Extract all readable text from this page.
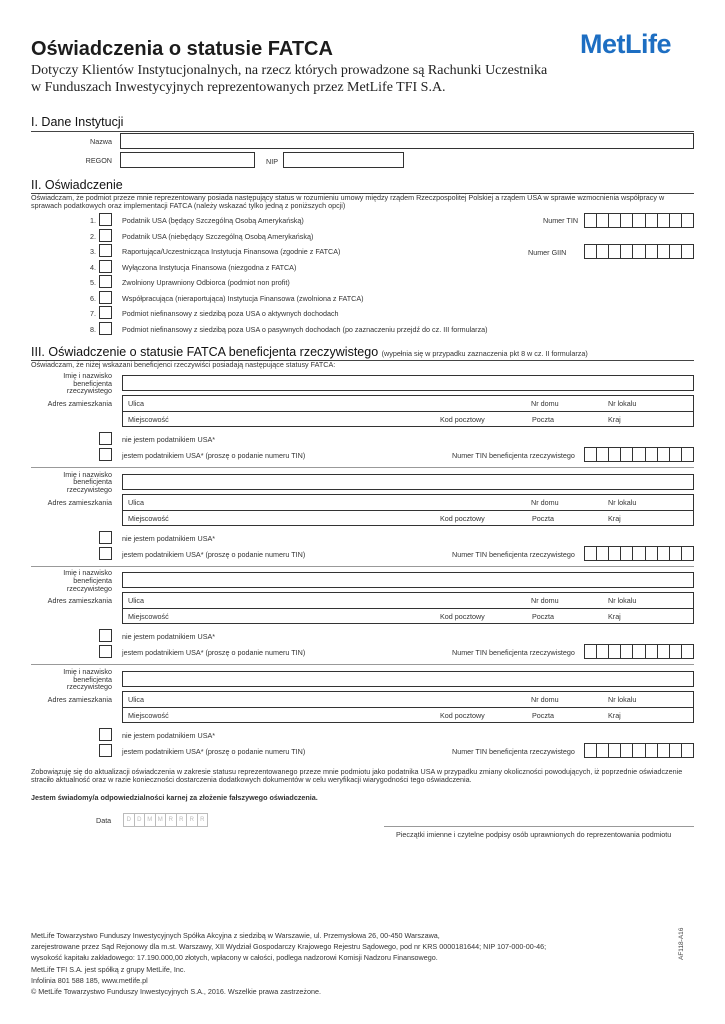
Oświadczenia o statusie FATCA
Dotyczy Klientów Instytucjonalnych, na rzecz których prowadzone są Rachunki Uczestnika
w Funduszach Inwestycyjnych reprezentowanych przez MetLife TFI S.A.
MetLife
I. Dane Instytucji
Nazwa
REGON	NIP
II. Oświadczenie
Oświadczam, że podmiot przeze mnie reprezentowany posiada następujący status w rozumieniu umowy między rządem Rzeczpospolitej Polskiej a rządem USA w sprawie wzmocnienia współpracy w sprawach podatkowych oraz implementacji FATCA (należy wskazać tylko jedną z poniższych opcji)
1.	Podatnik USA (będący Szczególną Osobą Amerykańską)
2.	Podatnik USA (niebędący Szczególną Osobą Amerykańską)
3.	Raportująca/Uczestnicząca Instytucja Finansowa (zgodnie z FATCA)
4.	Wyłączona Instytucja Finansowa (niezgodna z FATCA)
5.	Zwolniony Uprawniony Odbiorca (podmiot non profit)
6.	Współpracująca (nieraportująca) Instytucja Finansowa (zwolniona z FATCA)
7.	Podmiot niefinansowy z siedzibą poza USA o aktywnych dochodach
8.	Podmiot niefinansowy z siedzibą poza USA o pasywnych dochodach (po zaznaczeniu przejdź do cz. III formularza)
Numer TIN
Numer GIIN
III. Oświadczenie o statusie FATCA beneficjenta rzeczywistego (wypełnia się w przypadku zaznaczenia pkt 8 w cz. II formularza)
Oświadczam, że niżej wskazani beneficjenci rzeczywiści posiadają następujące statusy FATCA:
Imię i nazwisko beneficjenta rzeczywistego
Adres zamieszkania Ulica	Nr domu	Nr lokalu
Miejscowość	Kod pocztowy	Poczta	Kraj
nie jestem podatnikiem USA*
jestem podatnikiem USA* (proszę o podanie numeru TIN)	Numer TIN beneficjenta rzeczywistego
Imię i nazwisko beneficjenta rzeczywistego
Adres zamieszkania Ulica	Nr domu	Nr lokalu
Miejscowość	Kod pocztowy	Poczta	Kraj
nie jestem podatnikiem USA*
jestem podatnikiem USA* (proszę o podanie numeru TIN)	Numer TIN beneficjenta rzeczywistego
Imię i nazwisko beneficjenta rzeczywistego
Adres zamieszkania Ulica	Nr domu	Nr lokalu
Miejscowość	Kod pocztowy	Poczta	Kraj
nie jestem podatnikiem USA*
jestem podatnikiem USA* (proszę o podanie numeru TIN)	Numer TIN beneficjenta rzeczywistego
Imię i nazwisko beneficjenta rzeczywistego
Adres zamieszkania Ulica	Nr domu	Nr lokalu
Miejscowość	Kod pocztowy	Poczta	Kraj
nie jestem podatnikiem USA*
jestem podatnikiem USA* (proszę o podanie numeru TIN)	Numer TIN beneficjenta rzeczywistego
Zobowiązuję się do aktualizacji oświadczenia w zakresie statusu reprezentowanego przeze mnie podmiotu jako podatnika USA w przypadku zmiany okoliczności powodujących, iż poprzednie oświadczenie straciło aktualność oraz w razie konieczności dostarczenia dodatkowych dokumentów w celu weryfikacji wiarygodności tego oświadczenia.
Jestem świadomy/a odpowiedzialności karnej za złożenie fałszywego oświadczenia.
Data	D	D M M R	R	R	R
Pieczątki imienne i czytelne podpisy osób uprawnionych do reprezentowania podmiotu
MetLife Towarzystwo Funduszy Inwestycyjnych Spółka Akcyjna z siedzibą w Warszawie, ul. Przemysłowa 26, 00-450 Warszawa,
zarejestrowane przez Sąd Rejonowy dla m.st. Warszawy, XII Wydział Gospodarczy Krajowego Rejestru Sądowego, pod nr KRS 0000181644; NIP 107-000-00-46;
wysokość kapitału zakładowego: 17.190.000,00 złotych, wpłacony w całości, podlega nadzorowi Komisji Nadzoru Finansowego.
MetLife TFI S.A. jest spółką z grupy MetLife, Inc.
Infolinia 801 588 185, www.metlife.pl
© MetLife Towarzystwo Funduszy Inwestycyjnych S.A., 2016. Wszelkie prawa zastrzeżone.
AF118-A16
